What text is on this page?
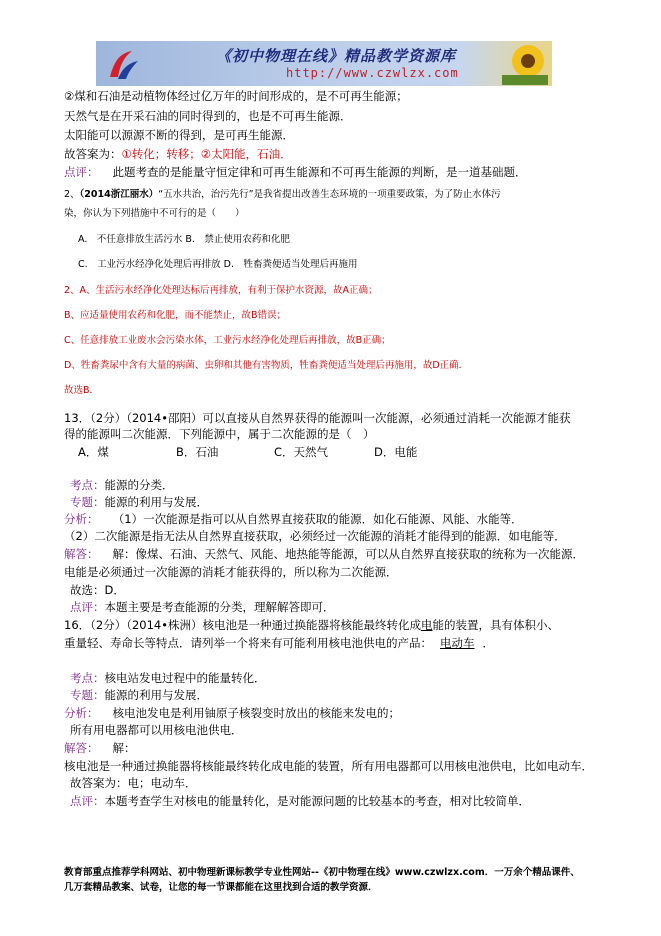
《初中物理在线》精品教学资源库
http://www.czwlzx.com
②煤和石油是动植物体经过亿万年的时间形成的，是不可再生能源；
天然气是在开采石油的同时得到的，也是不可再生能源．
太阳能可以源源不断的得到，是可再生能源．
故答案为：①转化；转移；②太阳能，石油．
点评： 此题考查的是能量守恒定律和可再生能源和不可再生能源的判断，是一道基础题．
2、（2014浙江丽水）“五水共治，治污先行”是我省提出改善生态环境的一项重要政策，为了防止水体污
染，你认为下列措施中不可行的是（　　）
A.　不任意排放生活污水 B.　禁止使用农药和化肥
C.　工业污水经净化处理后再排放 D.　牲畜粪便适当处理后再施用
2、A、生活污水经净化处理达标后再排放，有利于保护水资源，故A正确；
B、应适量使用农药和化肥，而不能禁止，故B错误；
C、任意排放工业废水会污染水体，工业污水经净化处理后再排放，故B正确；
D、牲畜粪尿中含有大量的病菌、虫卵和其他有害物质，牲畜粪便适当处理后再施用，故D正确．
故选B．
13．（2分）（2014•邵阳）可以直接从自然界获得的能源叫一次能源，必须通过消耗一次能源才能获
得的能源叫二次能源．下列能源中，属于二次能源的是（　）
A．煤	B．石油	C．天然气	D．电能
考点：能源的分类．
专题：能源的利用与发展．
分析： （1）一次能源是指可以从自然界直接获取的能源．如化石能源、风能、水能等．
（2）二次能源是指无法从自然界直接获取，必须经过一次能源的消耗才能得到的能源．如电能等．
解答： 解：像煤、石油、天然气、风能、地热能等能源，可以从自然界直接获取的统称为一次能源．
电能是必须通过一次能源的消耗才能获得的，所以称为二次能源．
故选：D．
点评：本题主要是考查能源的分类，理解解答即可．
16．（2分）（2014•株洲）核电池是一种通过换能器将核能最终转化成电能的装置，具有体积小、
重量轻、寿命长等特点．请列举一个将来有可能利用核电池供电的产品： 电动车 ．
考点：核电站发电过程中的能量转化．
专题：能源的利用与发展．
分析： 核电池发电是利用铀原子核裂变时放出的核能来发电的；
所有用电器都可以用核电池供电．
解答： 解：
核电池是一种通过换能器将核能最终转化成电能的装置，所有用电器都可以用核电池供电，比如电动车．
故答案为：电；电动车．
点评：本题考查学生对核电的能量转化，是对能源问题的比较基本的考查，相对比较简单．
教育部重点推荐学科网站、初中物理新课标教学专业性网站--《初中物理在线》www.czwlzx.com．一万余个精品课件、
几万套精品教案、试卷，让您的每一节课都能在这里找到合适的教学资源．
